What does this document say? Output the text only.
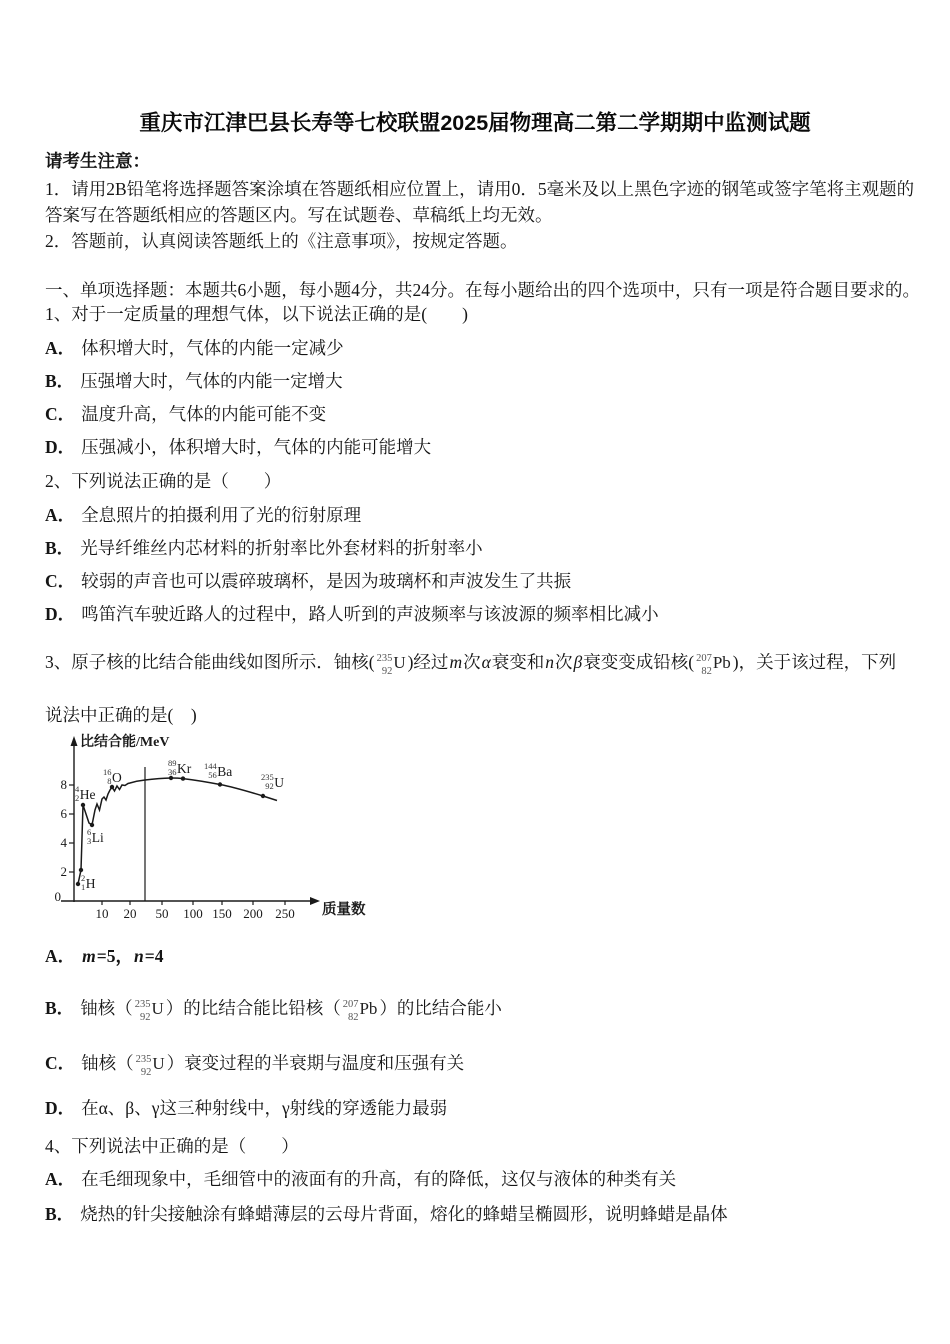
重庆市江津巴县长寿等七校联盟2025届物理高二第二学期期中监测试题
请考生注意：
1．请用2B铅笔将选择题答案涂填在答题纸相应位置上，请用0．5毫米及以上黑色字迹的钢笔或签字笔将主观题的
答案写在答题纸相应的答题区内。写在试题卷、草稿纸上均无效。
2．答题前，认真阅读答题纸上的《注意事项》，按规定答题。
一、单项选择题：本题共6小题，每小题4分，共24分。在每小题给出的四个选项中，只有一项是符合题目要求的。
1、对于一定质量的理想气体，以下说法正确的是(　　)
A． 体积增大时，气体的内能一定减少
B． 压强增大时，气体的内能一定增大
C． 温度升高，气体的内能可能不变
D． 压强减小，体积增大时，气体的内能可能增大
2、下列说法正确的是（　　）
A． 全息照片的拍摄利用了光的衍射原理
B． 光导纤维丝内芯材料的折射率比外套材料的折射率小
C． 较弱的声音也可以震碎玻璃杯，是因为玻璃杯和声波发生了共振
D． 鸣笛汽车驶近路人的过程中，路人听到的声波频率与该波源的频率相比减小
3、原子核的比结合能曲线如图所示．铀核( 235
92 U )经过m次α衰变和n次β衰变变成铅核( 207
82 Pb )，关于该过程，下列
说法中正确的是(　)
比结合能/MeV
质量数
8
6
4
2
0
10	20	50	100 150 200 250
2
1 H
4
2 He
6
3 Li
16
8 O
89
36 Kr 144
56 Ba	235
92 U
A． m=5，n=4
B． 铀核（ 235
92 U ）的比结合能比铅核（ 207
82 Pb ）的比结合能小
C． 铀核（ 235
92 U ）衰变过程的半衰期与温度和压强有关
D． 在α、β、γ这三种射线中，γ射线的穿透能力最弱
4、下列说法中正确的是（　　）
A． 在毛细现象中，毛细管中的液面有的升高，有的降低，这仅与液体的种类有关
B． 烧热的针尖接触涂有蜂蜡薄层的云母片背面，熔化的蜂蜡呈椭圆形，说明蜂蜡是晶体
